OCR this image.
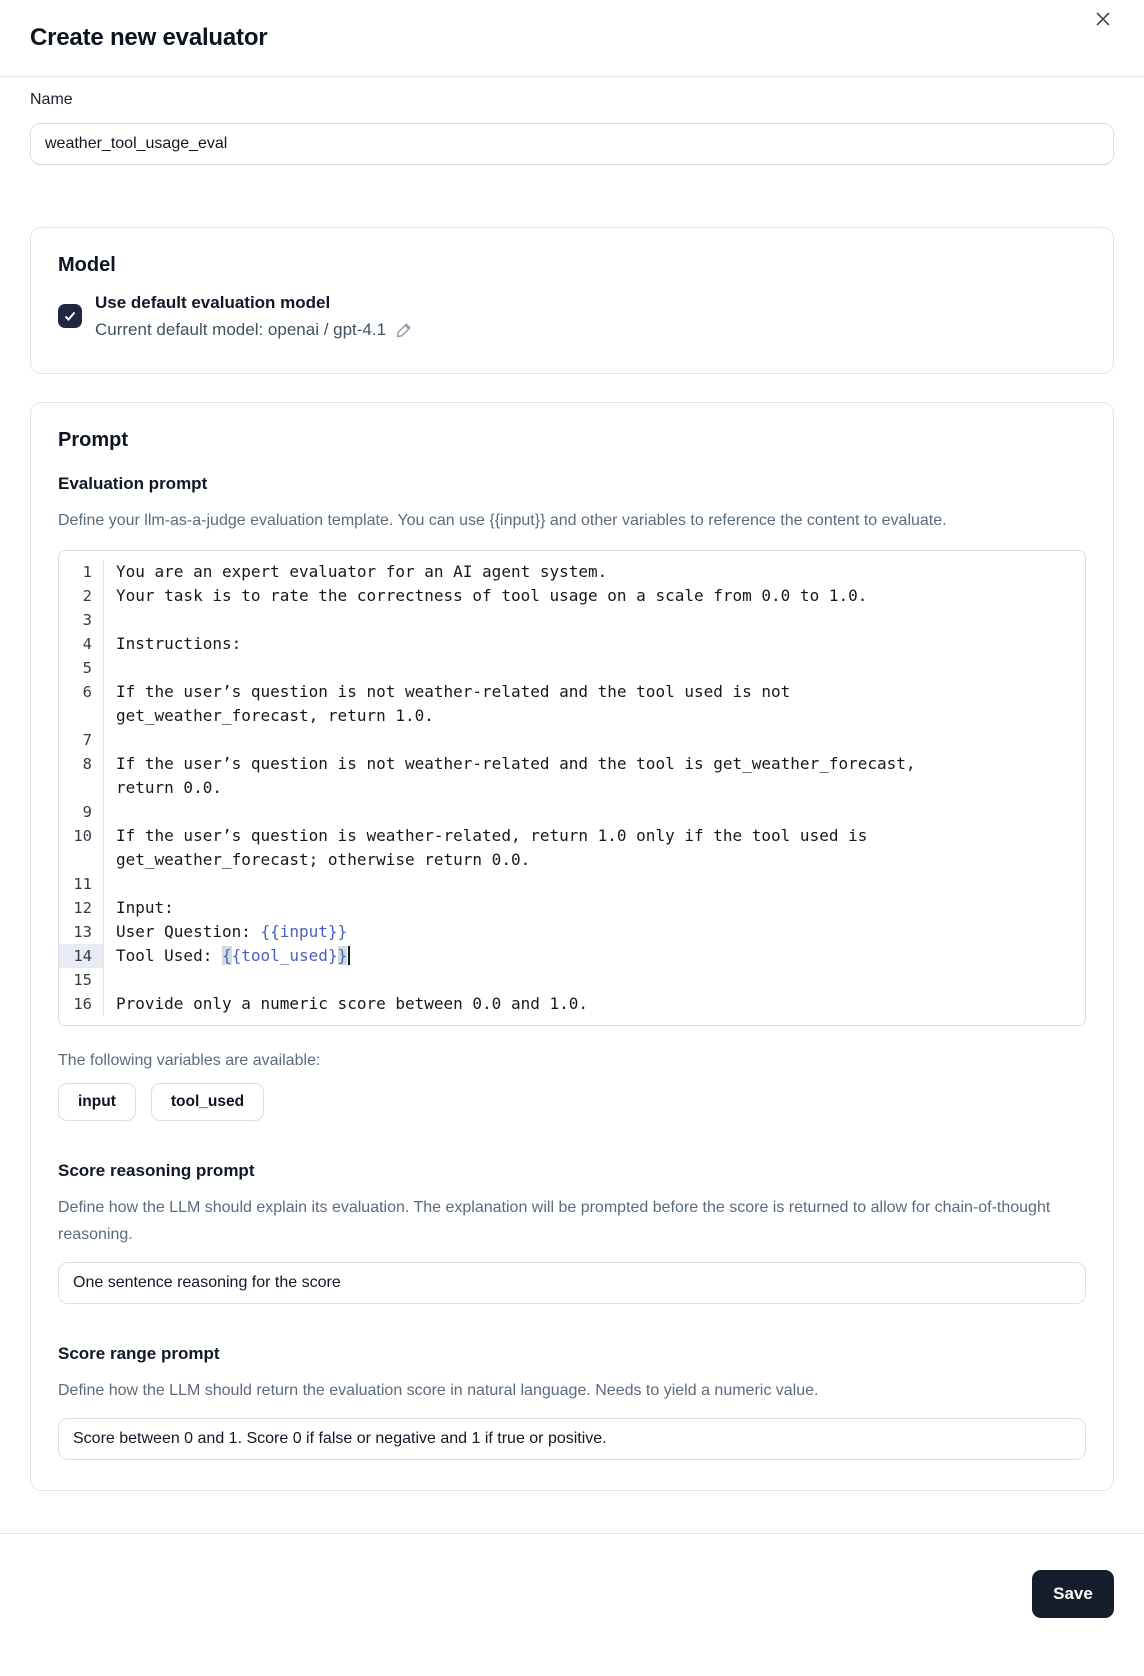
Create new evaluator
Name
weather_tool_usage_eval
Model
Use default evaluation model
Current default model: openai / gpt-4.1
Prompt
Evaluation prompt

Define your llm-as-a-judge evaluation template. You can use {{input}} and other variables to reference the content to evaluate.

1	You are an expert evaluator for an AI agent system.
2	Your task is to rate the correctness of tool usage on a scale from 0.0 to 1.0.
3

4	Instructions:
5

6	If the user’s question is not weather-related and the tool used is not

get_weather_forecast, return 1.0.
7

8	If the user’s question is not weather-related and the tool is get_weather_forecast,

return 0.0.
9

10	If the user’s question is weather-related, return 1.0 only if the tool used is

get_weather_forecast; otherwise return 0.0.
11

12	Input:
13	User Question: {{input}}
14	Tool Used: {{tool_used}}
15

16	Provide only a numeric score between 0.0 and 1.0.
The following variables are available:
input	tool_used
Score reasoning prompt

Define how the LLM should explain its evaluation. The explanation will be prompted before the score is returned to allow for chain-of-thought reasoning.

One sentence reasoning for the score
Score range prompt

Define how the LLM should return the evaluation score in natural language. Needs to yield a numeric value.

Score between 0 and 1. Score 0 if false or negative and 1 if true or positive.
Save
